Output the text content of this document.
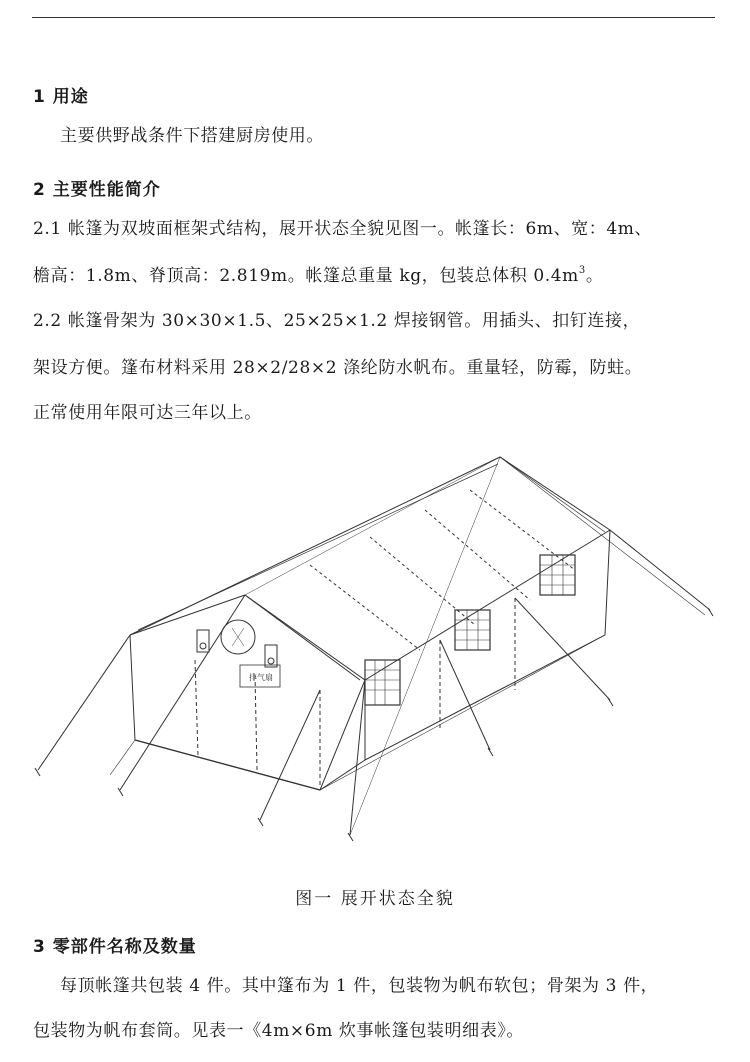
1 用途
主要供野战条件下搭建厨房使用。
2 主要性能简介
2.1 帐篷为双坡面框架式结构，展开状态全貌见图一。帐篷长：6m、宽：4m、
檐高：1.8m、脊顶高：2.819m。帐篷总重量 kg，包装总体积 $0.4m^3$。
2.2 帐篷骨架为 30×30×1.5、25×25×1.2 焊接钢管。用插头、扣钉连接，
架设方便。篷布材料采用 28×2/28×2 涤纶防水帆布。重量轻，防霉，防蛀。
正常使用年限可达三年以上。
排气扇
图一 展开状态全貌
3 零部件名称及数量
每顶帐篷共包装 4 件。其中篷布为 1 件，包装物为帆布软包；骨架为 3 件，
包装物为帆布套筒。见表一《4m×6m 炊事帐篷包装明细表》。
